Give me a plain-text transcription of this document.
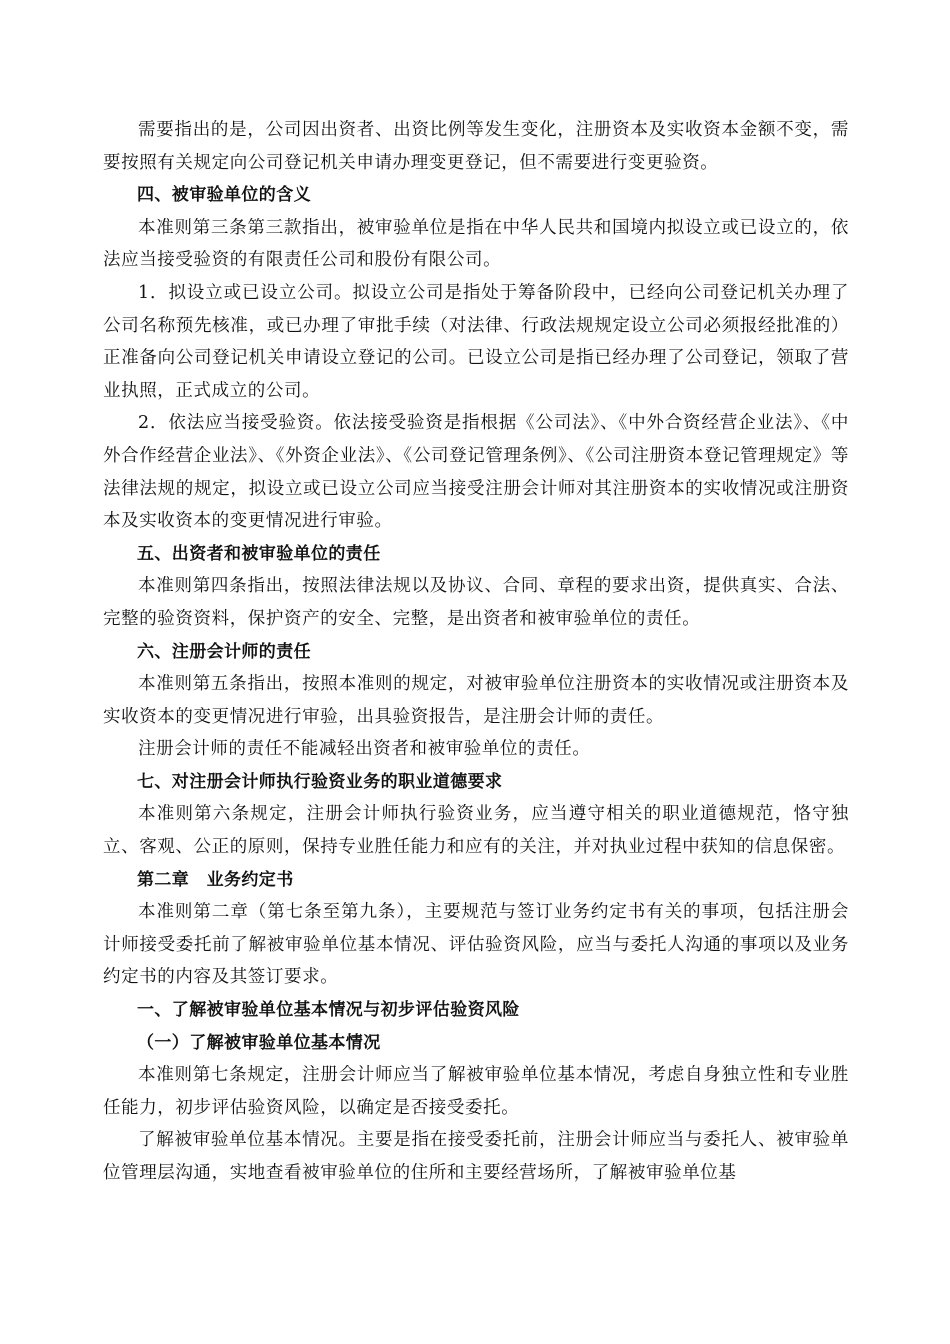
需要指出的是，公司因出资者、出资比例等发生变化，注册资本及实收资本金额不变，需要按照有关规定向公司登记机关申请办理变更登记，但不需要进行变更验资。

四、被审验单位的含义

本准则第三条第三款指出，被审验单位是指在中华人民共和国境内拟设立或已设立的，依法应当接受验资的有限责任公司和股份有限公司。

1．拟设立或已设立公司。拟设立公司是指处于筹备阶段中，已经向公司登记机关办理了公司名称预先核准，或已办理了审批手续（对法律、行政法规规定设立公司必须报经批准的）正准备向公司登记机关申请设立登记的公司。已设立公司是指已经办理了公司登记，领取了营业执照，正式成立的公司。

2．依法应当接受验资。依法接受验资是指根据《公司法》、《中外合资经营企业法》、《中外合作经营企业法》、《外资企业法》、《公司登记管理条例》、《公司注册资本登记管理规定》等法律法规的规定，拟设立或已设立公司应当接受注册会计师对其注册资本的实收情况或注册资本及实收资本的变更情况进行审验。

五、出资者和被审验单位的责任

本准则第四条指出，按照法律法规以及协议、合同、章程的要求出资，提供真实、合法、完整的验资资料，保护资产的安全、完整，是出资者和被审验单位的责任。

六、注册会计师的责任

本准则第五条指出，按照本准则的规定，对被审验单位注册资本的实收情况或注册资本及实收资本的变更情况进行审验，出具验资报告，是注册会计师的责任。

注册会计师的责任不能减轻出资者和被审验单位的责任。

七、对注册会计师执行验资业务的职业道德要求

本准则第六条规定，注册会计师执行验资业务，应当遵守相关的职业道德规范，恪守独立、客观、公正的原则，保持专业胜任能力和应有的关注，并对执业过程中获知的信息保密。

第二章　业务约定书

本准则第二章（第七条至第九条），主要规范与签订业务约定书有关的事项，包括注册会计师接受委托前了解被审验单位基本情况、评估验资风险，应当与委托人沟通的事项以及业务约定书的内容及其签订要求。

一、了解被审验单位基本情况与初步评估验资风险

（一）了解被审验单位基本情况

本准则第七条规定，注册会计师应当了解被审验单位基本情况，考虑自身独立性和专业胜任能力，初步评估验资风险，以确定是否接受委托。

了解被审验单位基本情况。主要是指在接受委托前，注册会计师应当与委托人、被审验单位管理层沟通，实地查看被审验单位的住所和主要经营场所，了解被审验单位基
